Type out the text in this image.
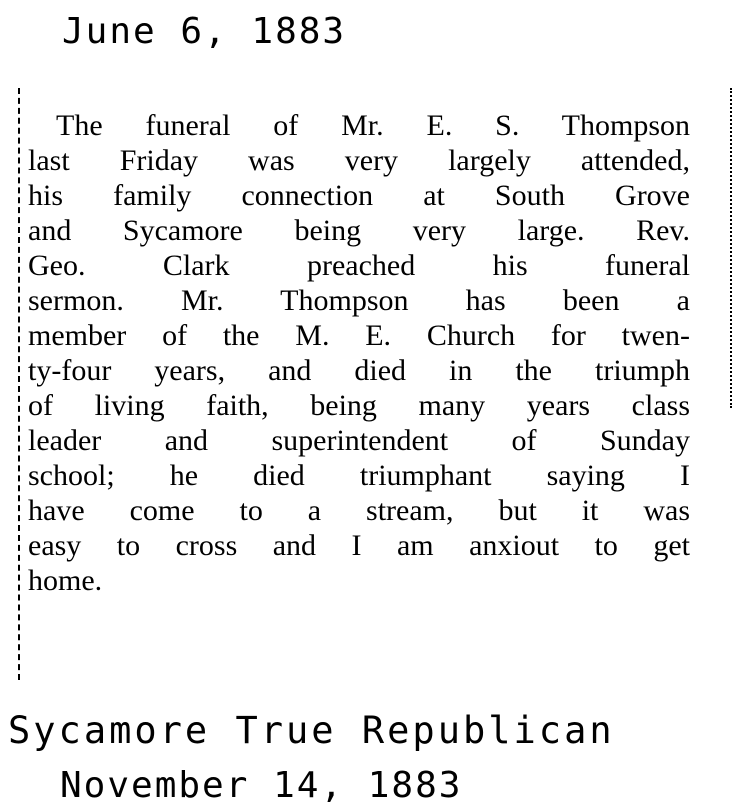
June 6, 1883
The funeral of Mr. E. S. Thompson
last Friday was very largely attended,
his family connection at South Grove
and Sycamore being very large. Rev.
Geo. Clark preached his funeral
sermon. Mr. Thompson has been a
member of the M. E. Church for twen-
ty-four years, and died in the triumph
of living faith, being many years class
leader and superintendent of Sunday
school; he died triumphant saying I
have come to a stream, but it was
easy to cross and I am anxiout to get
home.
Sycamore True Republican
November 14, 1883
